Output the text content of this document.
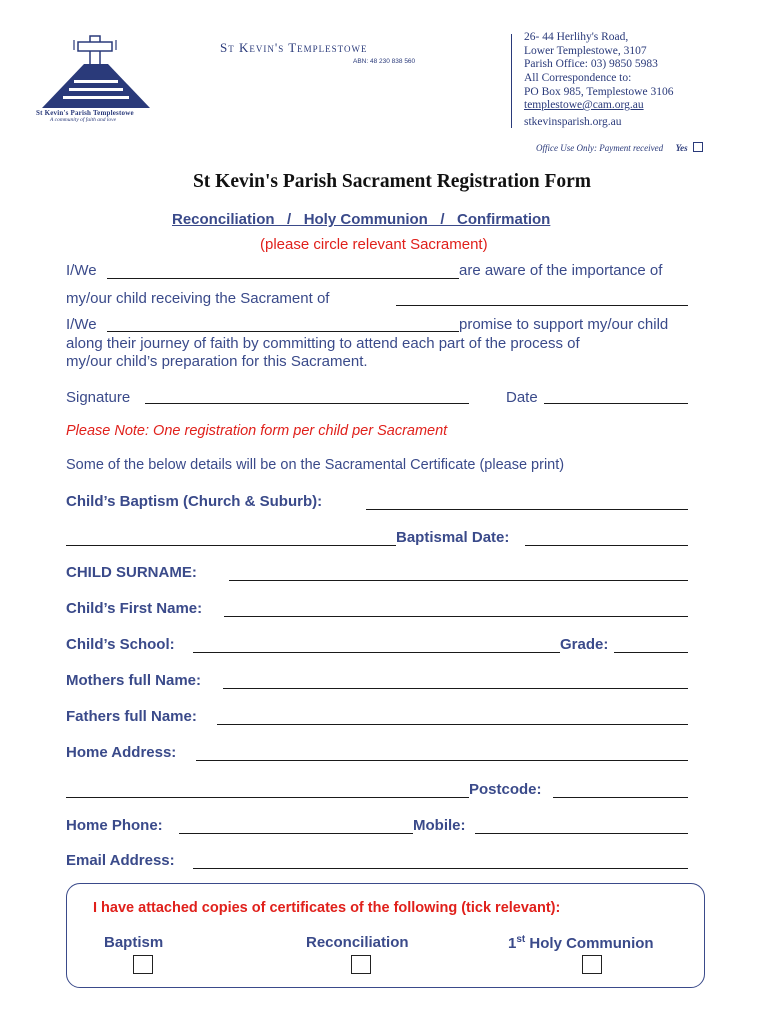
St Kevin's Parish Templestowe
A community of faith and love
St Kevin's Templestowe
ABN: 48 230 838 560
26- 44 Herlihy's Road,
Lower Templestowe, 3107
Parish Office: 03) 9850 5983
All Correspondence to:
PO Box 985, Templestowe 3106
templestowe@cam.org.au
stkevinsparish.org.au
Office Use Only: Payment received Yes
St Kevin's Parish Sacrament Registration Form
Reconciliation   /   Holy Communion   /   Confirmation
(please circle relevant Sacrament)
I/We	are aware of the importance of
my/our child receiving the Sacrament of
I/We	promise to support my/our child
along their journey of faith by committing to attend each part of the process of
my/our child’s preparation for this Sacrament.
Signature	Date
Please Note: One registration form per child per Sacrament
Some of the below details will be on the Sacramental Certificate (please print)
Child’s Baptism (Church & Suburb):
Baptismal Date:
CHILD SURNAME:
Child’s First Name:
Child’s School:	Grade:
Mothers full Name:
Fathers full Name:
Home Address:
Postcode:
Home Phone:	Mobile:
Email Address:
I have attached copies of certificates of the following (tick relevant):
Baptism	Reconciliation	1st Holy Communion
